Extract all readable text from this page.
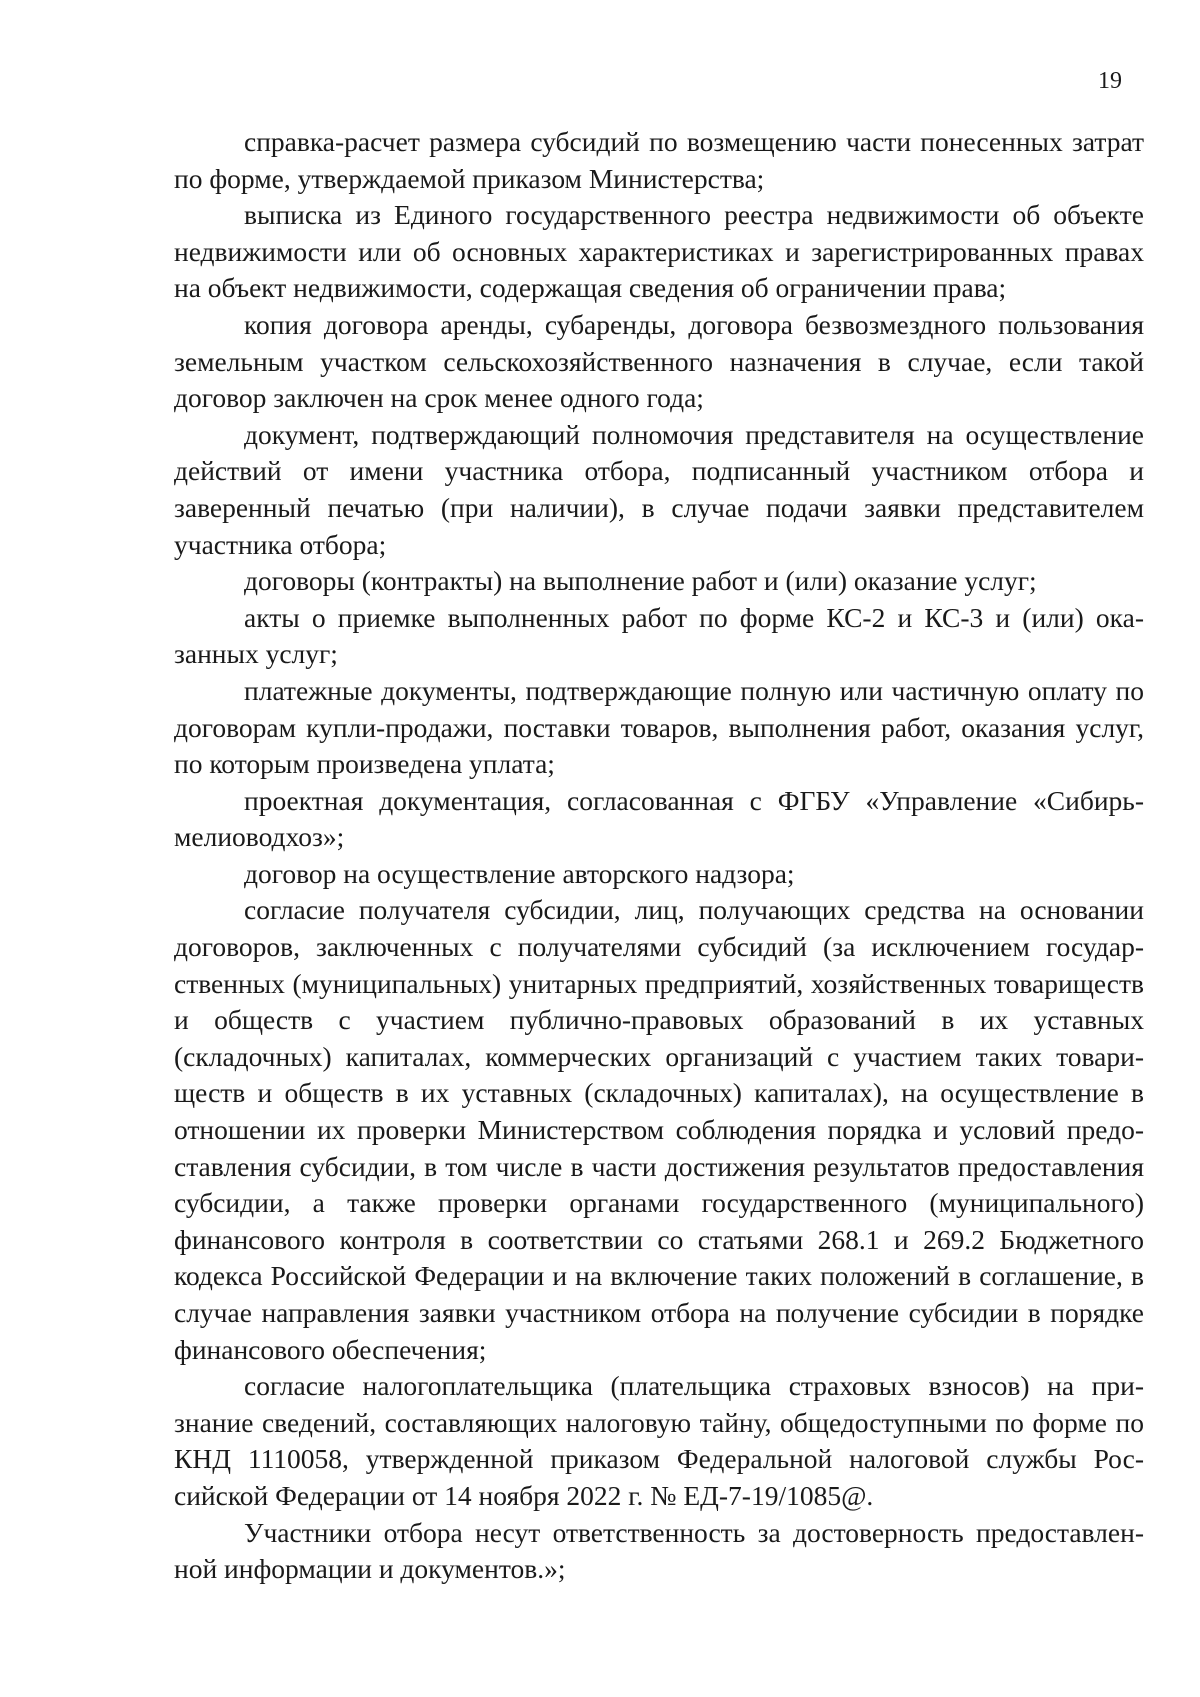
19

справка-расчет размера субсидий по возмещению части понесенных затрат по форме, утверждаемой приказом Министерства;

выписка из Единого государственного реестра недвижимости об объекте недвижимости или об основных характеристиках и зарегистрированных правах на объект недвижимости, содержащая сведения об ограничении права;

копия договора аренды, субаренды, договора безвозмездного пользования земельным участком сельскохозяйственного назначения в случае, если такой договор заключен на срок менее одного года;

документ, подтверждающий полномочия представителя на осуществление действий от имени участника отбора, подписанный участником отбора и заверенный печатью (при наличии), в случае подачи заявки представителем участника отбора;

договоры (контракты) на выполнение работ и (или) оказание услуг;

акты о приемке выполненных работ по форме КС-2 и КС-3 и (или) оказанных услуг;

платежные документы, подтверждающие полную или частичную оплату по договорам купли-продажи, поставки товаров, выполнения работ, оказания услуг, по которым произведена уплата;

проектная документация, согласованная с ФГБУ «Управление «Сибирьмелиоводхоз»;

договор на осуществление авторского надзора;

согласие получателя субсидии, лиц, получающих средства на основании договоров, заключенных с получателями субсидий (за исключением государственных (муниципальных) унитарных предприятий, хозяйственных товариществ и обществ с участием публично-правовых образований в их уставных (складочных) капиталах, коммерческих организаций с участием таких товариществ и обществ в их уставных (складочных) капиталах), на осуществление в отношении их проверки Министерством соблюдения порядка и условий предоставления субсидии, в том числе в части достижения результатов предоставления субсидии, а также проверки органами государственного (муниципального) финансового контроля в соответствии со статьями 268.1 и 269.2 Бюджетного кодекса Российской Федерации и на включение таких положений в соглашение, в случае направления заявки участником отбора на получение субсидии в порядке финансового обеспечения;

согласие налогоплательщика (плательщика страховых взносов) на признание сведений, составляющих налоговую тайну, общедоступными по форме по КНД 1110058, утвержденной приказом Федеральной налоговой службы Российской Федерации от 14 ноября 2022 г. № ЕД-7-19/1085@.

Участники отбора несут ответственность за достоверность предоставленной информации и документов.»;
